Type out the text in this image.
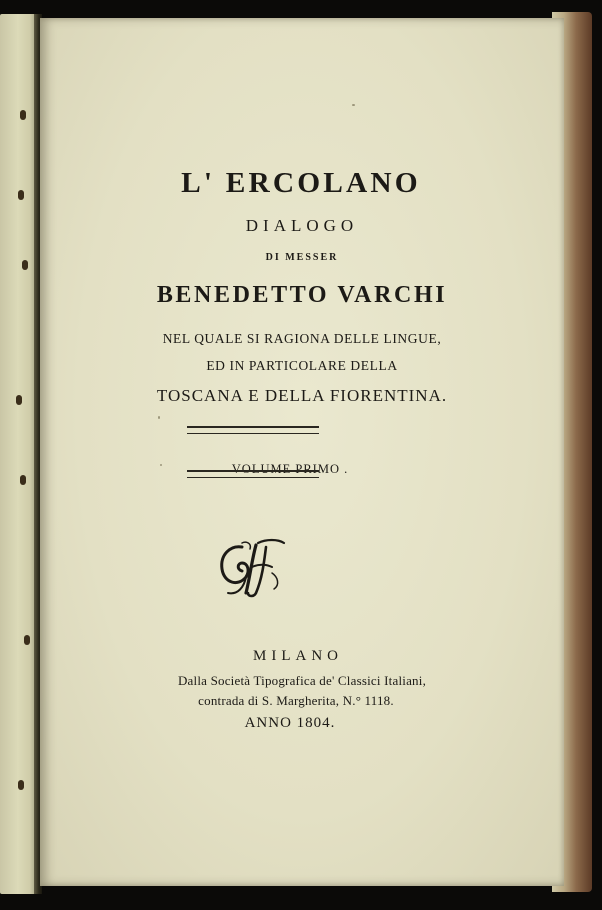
L' ERCOLANO
DIALOGO
DI MESSER
BENEDETTO VARCHI
NEL QUALE SI RAGIONA DELLE LINGUE,
ED IN PARTICOLARE DELLA
TOSCANA E DELLA FIORENTINA.
VOLUME PRIMO .
MILANO
Dalla Società Tipografica de' Classici Italiani,
contrada di S. Margherita, N.° 1118.
ANNO 1804.
